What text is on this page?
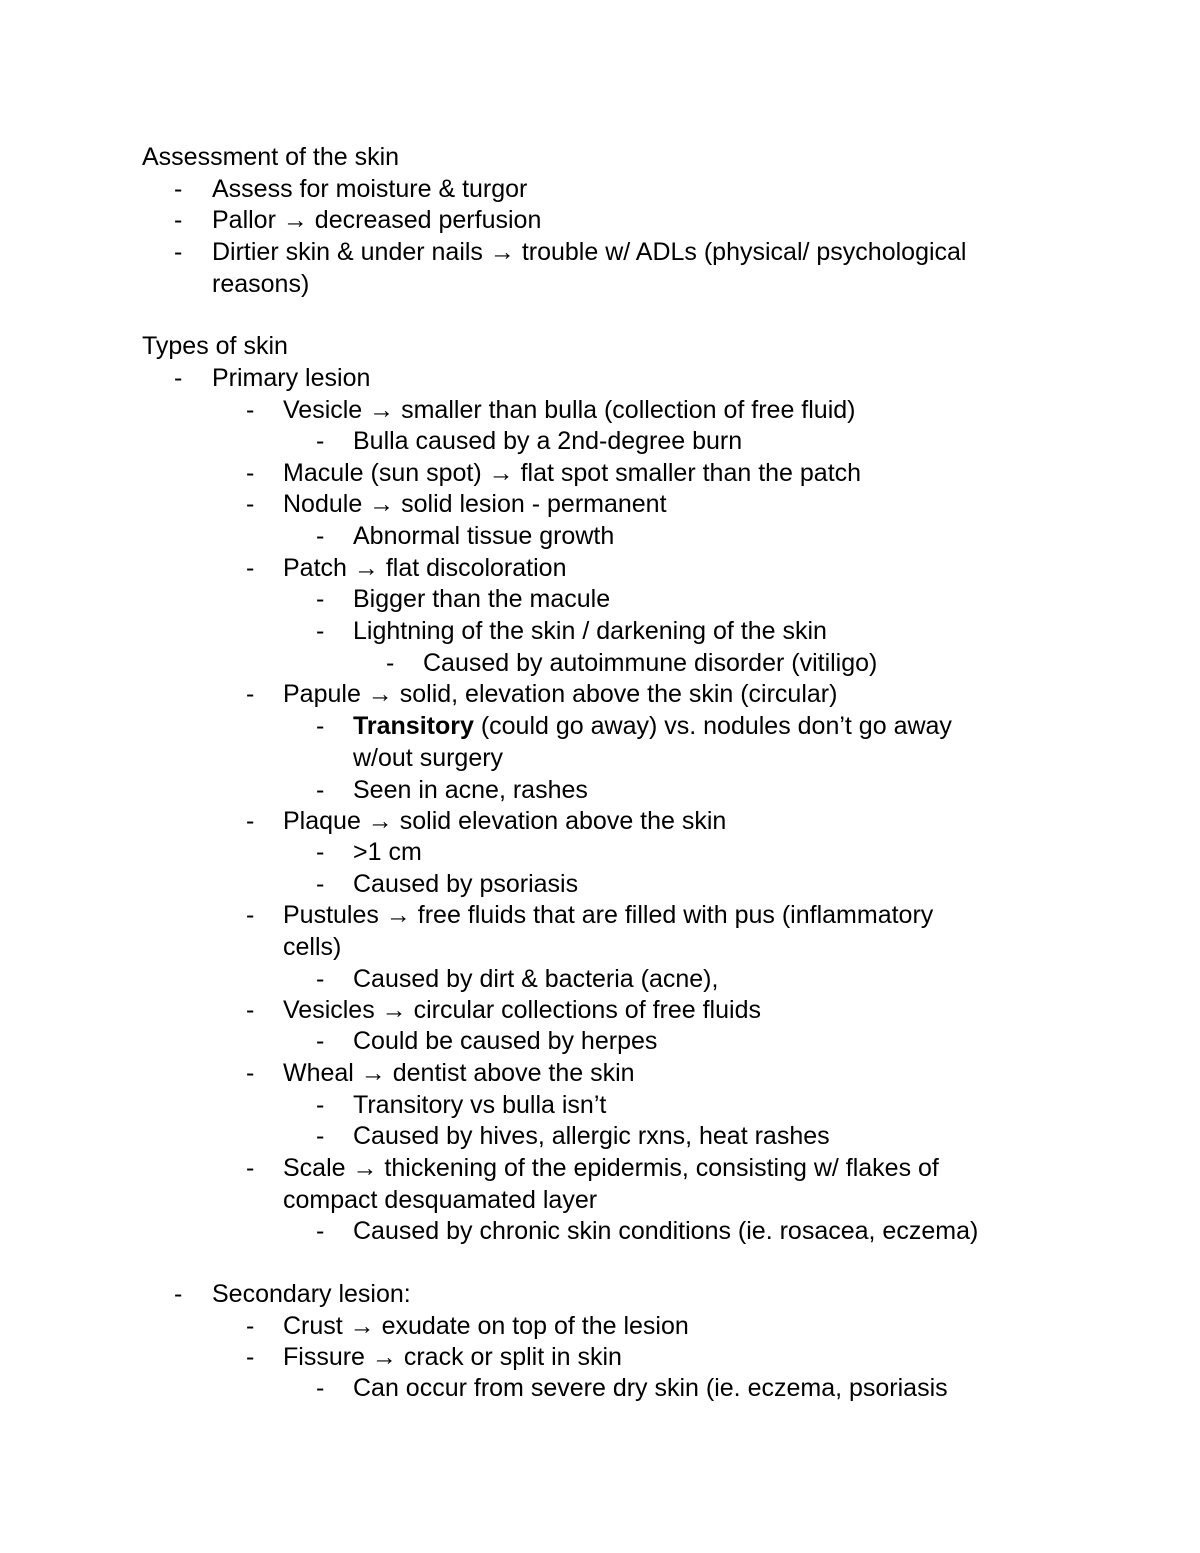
Assessment of the skin
- Assess for moisture & turgor
- Pallor → decreased perfusion
- Dirtier skin & under nails → trouble w/ ADLs (physical/ psychological
reasons)
Types of skin
- Primary lesion
- Vesicle → smaller than bulla (collection of free fluid)
- Bulla caused by a 2nd-degree burn
- Macule (sun spot) → flat spot smaller than the patch
- Nodule → solid lesion - permanent
- Abnormal tissue growth
- Patch → flat discoloration
- Bigger than the macule
- Lightning of the skin / darkening of the skin
- Caused by autoimmune disorder (vitiligo)
- Papule → solid, elevation above the skin (circular)
- Transitory (could go away) vs. nodules don’t go away
w/out surgery
- Seen in acne, rashes
- Plaque → solid elevation above the skin
- >1 cm
- Caused by psoriasis
- Pustules → free fluids that are filled with pus (inflammatory
cells)
- Caused by dirt & bacteria (acne),
- Vesicles → circular collections of free fluids
- Could be caused by herpes
- Wheal → dentist above the skin
- Transitory vs bulla isn’t
- Caused by hives, allergic rxns, heat rashes
- Scale → thickening of the epidermis, consisting w/ flakes of
compact desquamated layer
- Caused by chronic skin conditions (ie. rosacea, eczema)
- Secondary lesion:
- Crust → exudate on top of the lesion
- Fissure → crack or split in skin
- Can occur from severe dry skin (ie. eczema, psoriasis
